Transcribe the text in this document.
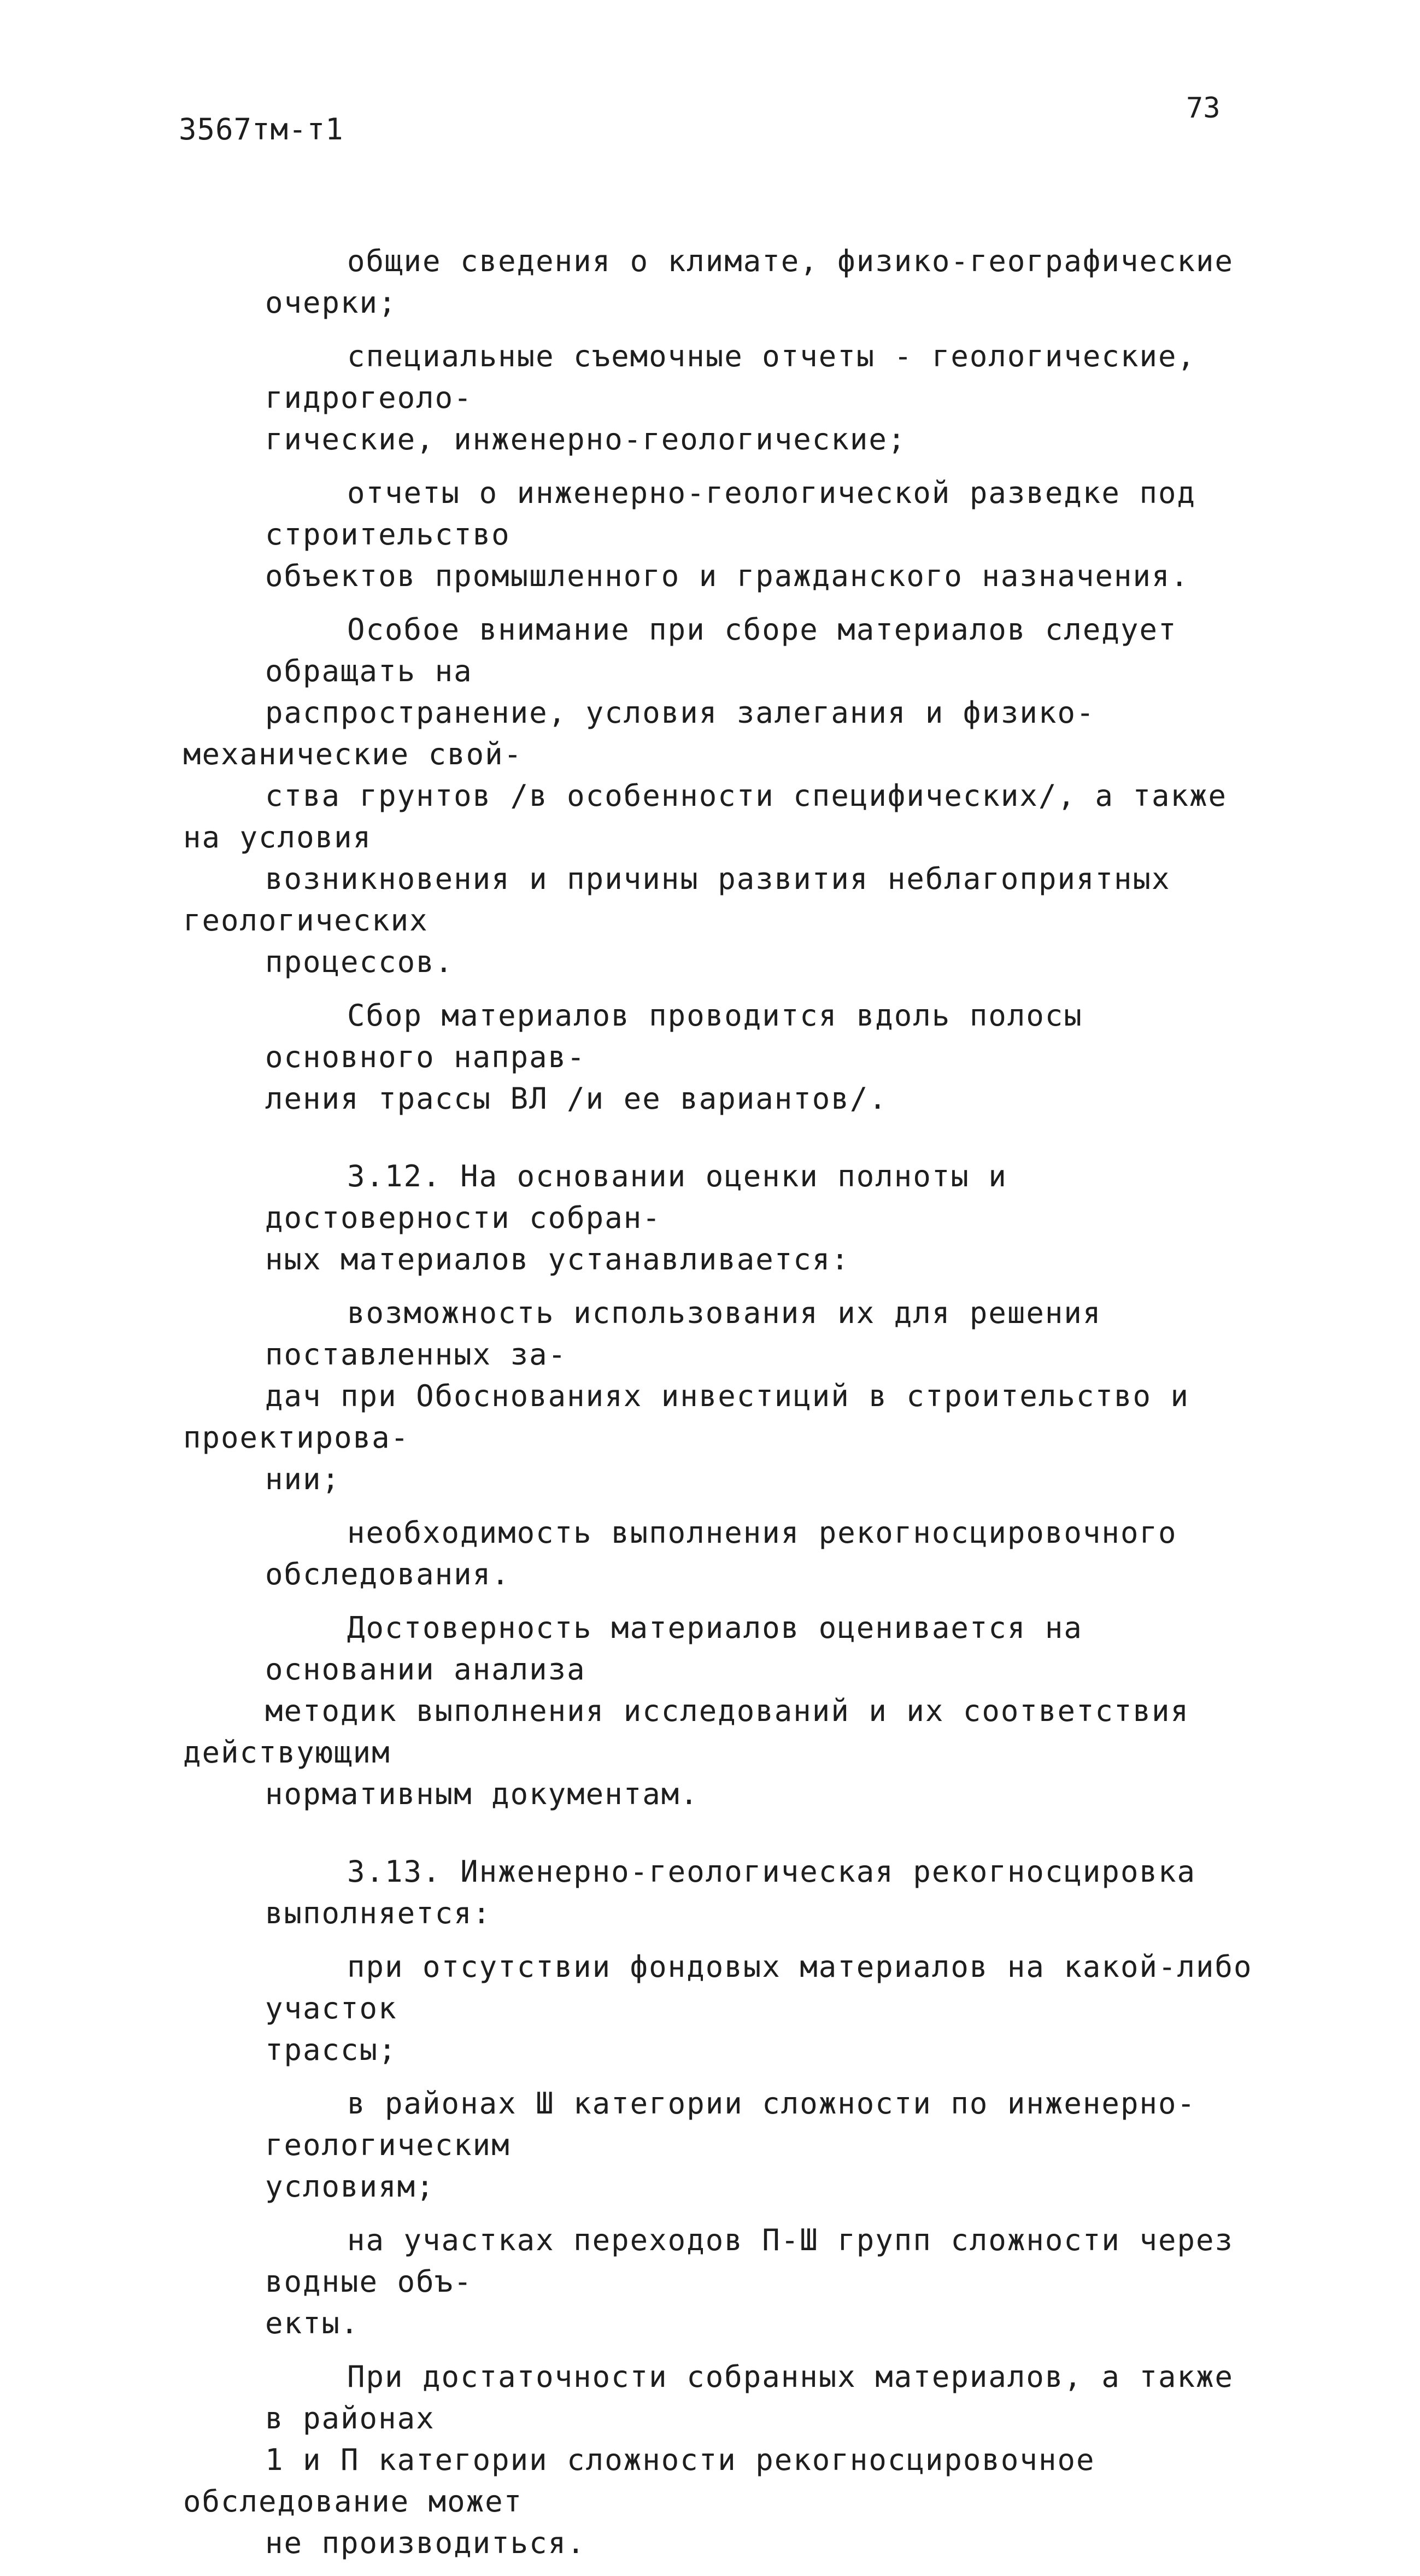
3567тм-т1

73

общие сведения о климате, физико-географические очерки;
специальные съемочные отчеты - геологические, гидрогеоло-
гические, инженерно-геологические;
отчеты о инженерно-геологической разведке под строительство
объектов промышленного и гражданского назначения.
Особое внимание при сборе материалов следует обращать на
распространение, условия залегания и физико-механические свой-
ства грунтов /в особенности специфических/, а также на условия
возникновения и причины развития неблагоприятных геологических
процессов.
Сбор материалов проводится вдоль полосы основного направ-
ления трассы ВЛ /и ее вариантов/.
3.12. На основании оценки полноты и достоверности собран-
ных материалов устанавливается:
возможность использования их для решения поставленных за-
дач при Обоснованиях инвестиций в строительство и проектирова-
нии;
необходимость выполнения рекогносцировочного обследования.
Достоверность материалов оценивается на основании анализа
методик выполнения исследований и их соответствия действующим
нормативным документам.
3.13. Инженерно-геологическая рекогносцировка выполняется:
при отсутствии фондовых материалов на какой-либо участок
трассы;
в районах Ш категории сложности по инженерно-геологическим
условиям;
на участках переходов П-Ш групп сложности через водные объ-
екты.
При достаточности собранных материалов, а также в районах
1 и П категории сложности рекогносцировочное обследование может
не производиться.
